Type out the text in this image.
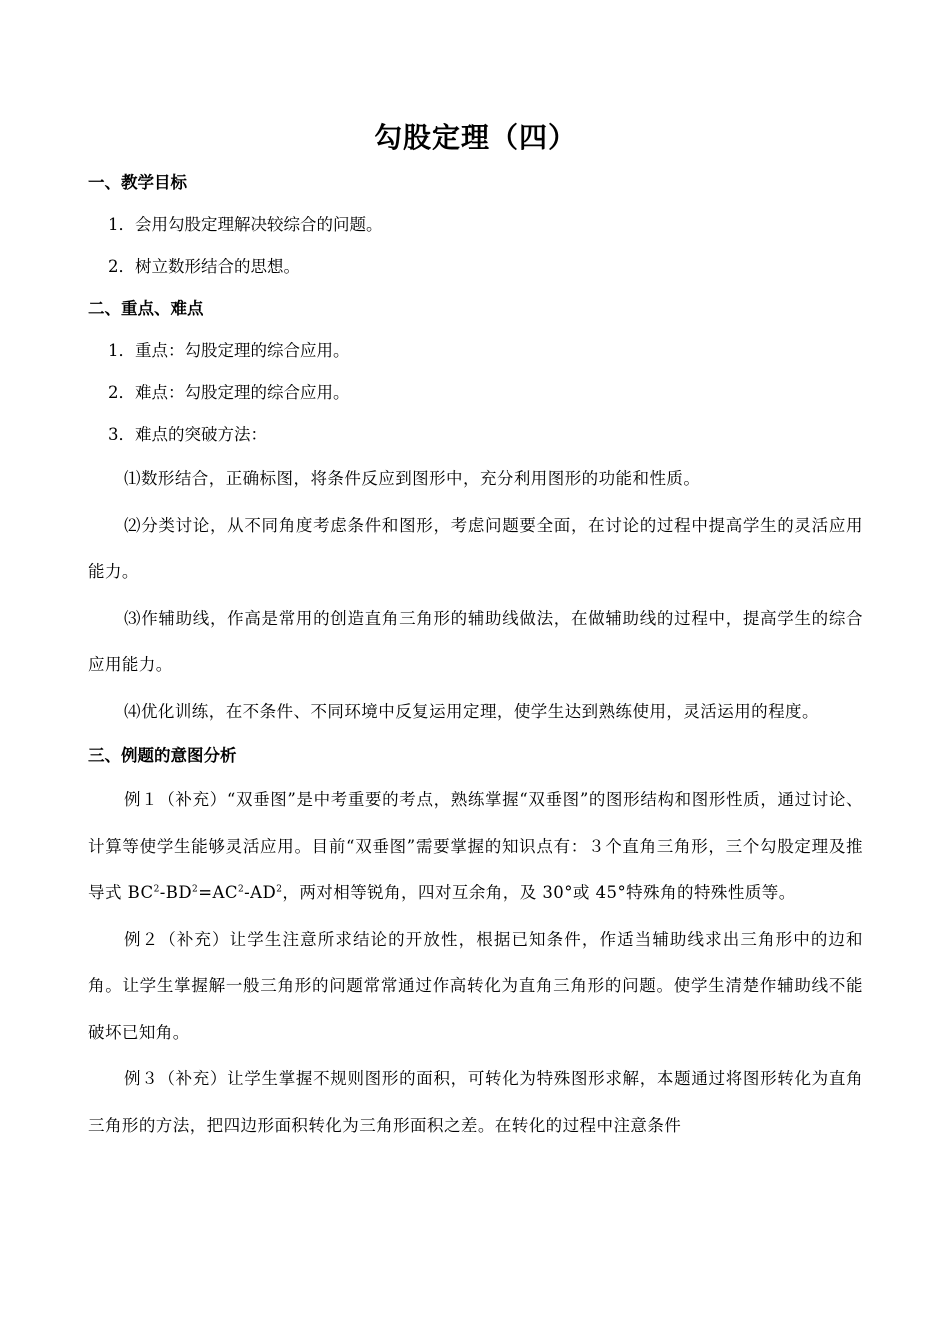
勾股定理（四）
一、教学目标
1．会用勾股定理解决较综合的问题。
2．树立数形结合的思想。
二、重点、难点
1．重点：勾股定理的综合应用。
2．难点：勾股定理的综合应用。
3．难点的突破方法：

⑴数形结合，正确标图，将条件反应到图形中，充分利用图形的功能和性质。

⑵分类讨论，从不同角度考虑条件和图形，考虑问题要全面，在讨论的过程中提高学生的灵活应用能力。

⑶作辅助线，作高是常用的创造直角三角形的辅助线做法，在做辅助线的过程中，提高学生的综合应用能力。

⑷优化训练，在不条件、不同环境中反复运用定理，使学生达到熟练使用，灵活运用的程度。

三、例题的意图分析

例１（补充）“双垂图”是中考重要的考点，熟练掌握“双垂图”的图形结构和图形性质，通过讨论、计算等使学生能够灵活应用。目前“双垂图”需要掌握的知识点有：３个直角三角形，三个勾股定理及推导式 $BC^2-BD^2=AC^2-AD^2$，两对相等锐角，四对互余角，及 30°或 45°特殊角的特殊性质等。

例２（补充）让学生注意所求结论的开放性，根据已知条件，作适当辅助线求出三角形中的边和角。让学生掌握解一般三角形的问题常常通过作高转化为直角三角形的问题。使学生清楚作辅助线不能破坏已知角。

例３（补充）让学生掌握不规则图形的面积，可转化为特殊图形求解，本题通过将图形转化为直角三角形的方法，把四边形面积转化为三角形面积之差。在转化的过程中注意条件
